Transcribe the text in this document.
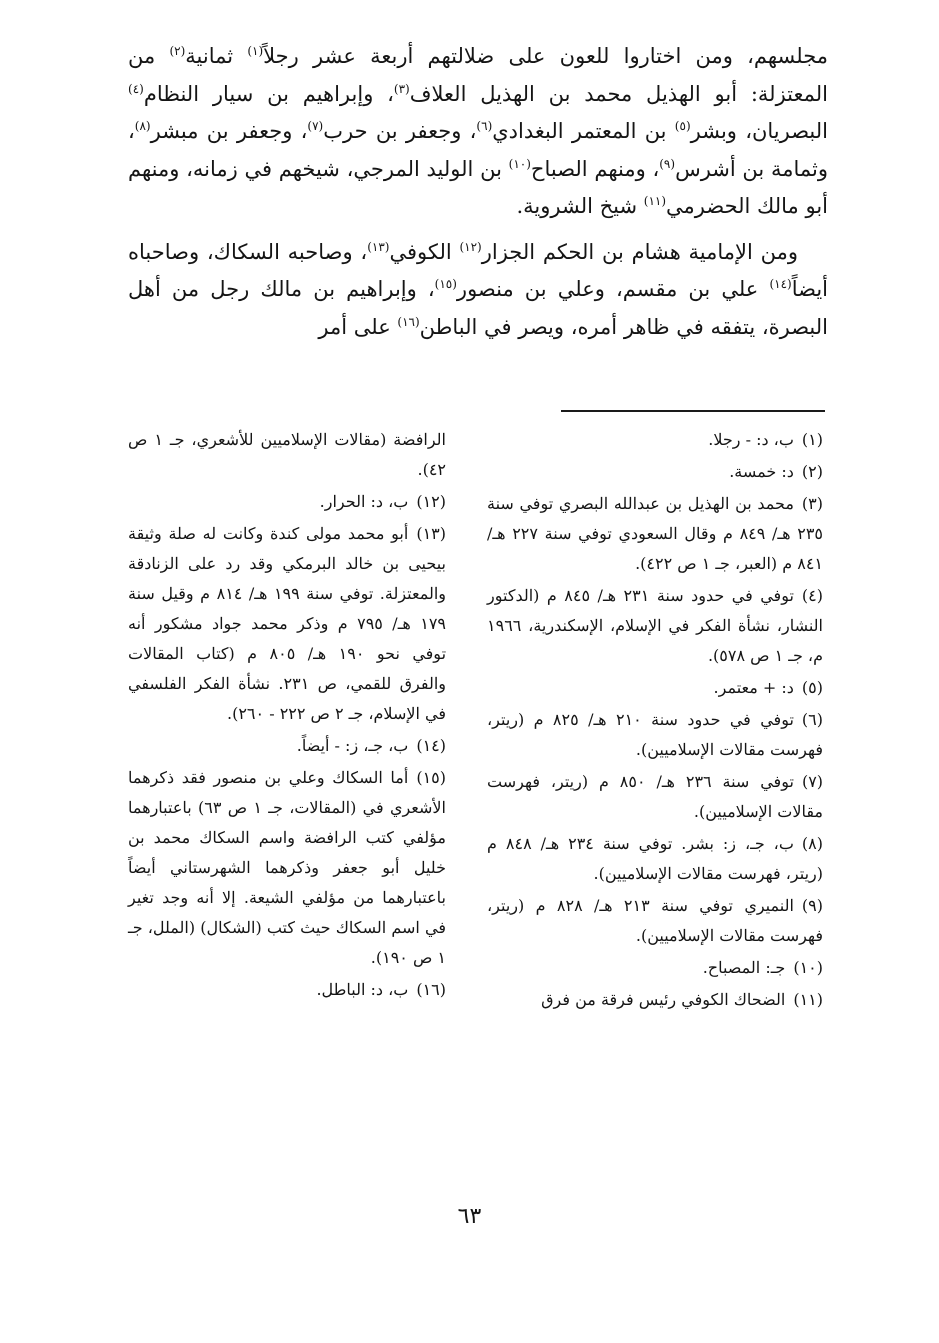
مجلسهم، ومن اختاروا للعون على ضلالتهم أربعة عشر رجلاً$^{(١)}$ ثمانية$^{(٢)}$ من المعتزلة: أبو الهذيل محمد بن الهذيل العلاف$^{(٣)}$، وإبراهيم بن سيار النظام$^{(٤)}$ البصريان، وبشر$^{(٥)}$ بن المعتمر البغدادي$^{(٦)}$، وجعفر بن حرب$^{(٧)}$، وجعفر بن مبشر$^{(٨)}$، وثمامة بن أشرس$^{(٩)}$، ومنهم الصباح$^{(١٠)}$ بن الوليد المرجي، شيخهم في زمانه، ومنهم أبو مالك الحضرمي$^{(١١)}$ شيخ الشروية.

ومن الإمامية هشام بن الحكم الجزار$^{(١٢)}$ الكوفي$^{(١٣)}$، وصاحبه السكاك، وصاحباه أيضاً$^{(١٤)}$ علي بن مقسم، وعلي بن منصور$^{(١٥)}$، وإبراهيم بن مالك رجل من أهل البصرة، يتفقه في ظاهر أمره، ويصر في الباطن$^{(١٦)}$ على أمر

(١)ب، د: - رجلا.
(٢)د: خمسة.
(٣)محمد بن الهذيل بن عبدالله البصري توفي سنة ٢٣٥ هـ/ ٨٤٩ م وقال السعودي توفي سنة ٢٢٧ هـ/ ٨٤١ م (العبر، جـ ١ ص ٤٢٢).
(٤)توفي في حدود سنة ٢٣١ هـ/ ٨٤٥ م (الدكتور النشار، نشأة الفكر في الإسلام، الإسكندرية، ١٩٦٦ م، جـ ١ ص ٥٧٨).
(٥)د: + معتمر.
(٦)توفي في حدود سنة ٢١٠ هـ/ ٨٢٥ م (ريتر، فهرست مقالات الإسلاميين).
(٧)توفي سنة ٢٣٦ هـ/ ٨٥٠ م (ريتر، فهرست مقالات الإسلاميين).
(٨)ب، جـ، ز: بشر. توفي سنة ٢٣٤ هـ/ ٨٤٨ م (ريتر، فهرست مقالات الإسلاميين).
(٩)النميري توفي سنة ٢١٣ هـ/ ٨٢٨ م (ريتر، فهرست مقالات الإسلاميين).
(١٠)جـ: المصباح.
(١١)الضحاك الكوفي رئيس فرقة من فرق
الرافضة (مقالات الإسلاميين للأشعري، جـ ١ ص ٤٢).
(١٢)ب، د: الحرار.
(١٣)أبو محمد مولى كندة وكانت له صلة وثيقة بيحيى بن خالد البرمكي وقد رد على الزنادقة والمعتزلة. توفي سنة ١٩٩ هـ/ ٨١٤ م وقيل سنة ١٧٩ هـ/ ٧٩٥ م وذكر محمد جواد مشكور أنه توفي نحو ١٩٠ هـ/ ٨٠٥ م (كتاب المقالات والفرق للقمي، ص ٢٣١. نشأة الفكر الفلسفي في الإسلام، جـ ٢ ص ٢٢٢ - ٢٦٠).
(١٤)ب، جـ، ز: - أيضاً.
(١٥)أما السكاك وعلي بن منصور فقد ذكرهما الأشعري في (المقالات، جـ ١ ص ٦٣) باعتبارهما مؤلفي كتب الرافضة واسم السكاك محمد بن خليل أبو جعفر وذكرهما الشهرستاني أيضاً باعتبارهما من مؤلفي الشيعة. إلا أنه وجد تغير في اسم السكاك حيث كتب (الشكال) (الملل، جـ ١ ص ١٩٠).
(١٦)ب، د: الباطل.
٦٣
